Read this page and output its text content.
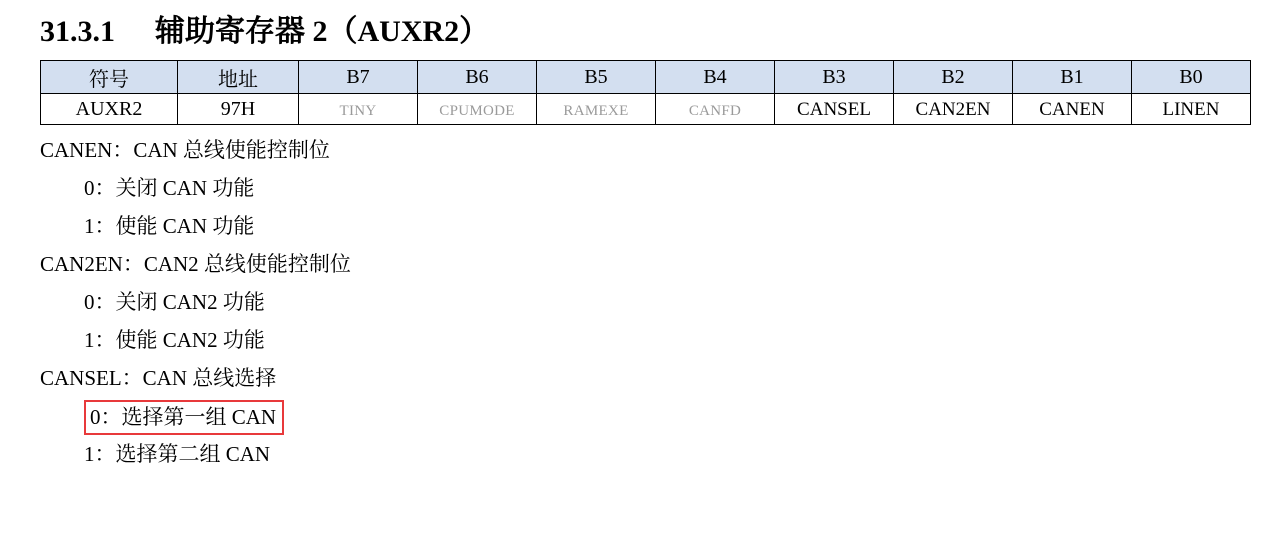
31.3.1 辅助寄存器 2（AUXR2）
符号	地址	B7	B6	B5	B4	B3	B2	B1	B0
AUXR2	97H	TINY	CPUMODE	RAMEXE	CANFD	CANSEL	CAN2EN	CANEN	LINEN
CANEN：CAN 总线使能控制位
0：关闭 CAN 功能
1：使能 CAN 功能
CAN2EN：CAN2 总线使能控制位
0：关闭 CAN2 功能
1：使能 CAN2 功能
CANSEL：CAN 总线选择
0：选择第一组 CAN
1：选择第二组 CAN
